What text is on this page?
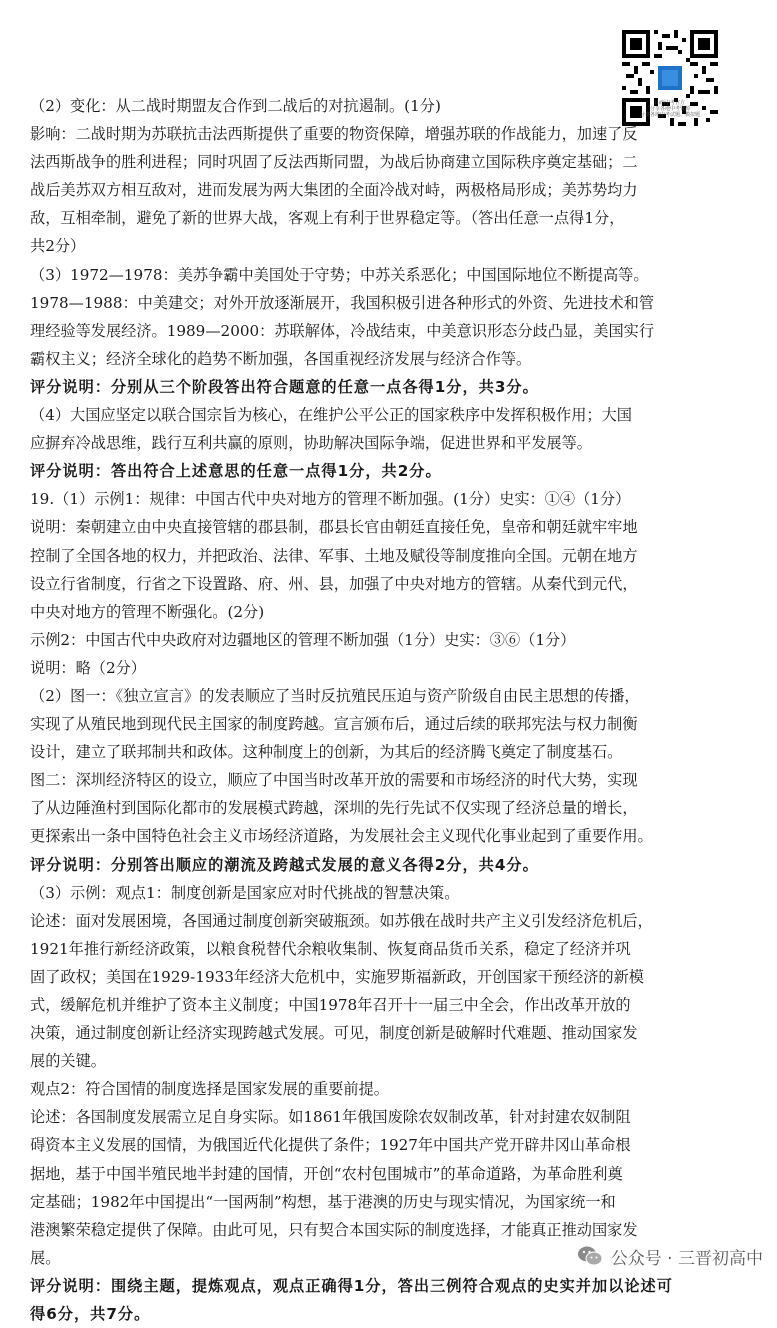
山西中考官方
分享各地中考资源
分享各地中考试题、模拟题
（2）变化：从二战时期盟友合作到二战后的对抗遏制。(1分)
影响：二战时期为苏联抗击法西斯提供了重要的物资保障，增强苏联的作战能力，加速了反
法西斯战争的胜利进程；同时巩固了反法西斯同盟，为战后协商建立国际秩序奠定基础；二
战后美苏双方相互敌对，进而发展为两大集团的全面冷战对峙，两极格局形成；美苏势均力
敌，互相牵制，避免了新的世界大战，客观上有利于世界稳定等。（答出任意一点得1分，
共2分）
（3）1972—1978：美苏争霸中美国处于守势；中苏关系恶化；中国国际地位不断提高等。
1978—1988：中美建交；对外开放逐渐展开，我国积极引进各种形式的外资、先进技术和管
理经验等发展经济。1989—2000：苏联解体，冷战结束，中美意识形态分歧凸显，美国实行
霸权主义；经济全球化的趋势不断加强，各国重视经济发展与经济合作等。
评分说明：分别从三个阶段答出符合题意的任意一点各得1分，共3分。
（4）大国应坚定以联合国宗旨为核心，在维护公平公正的国家秩序中发挥积极作用；大国
应摒弃冷战思维，践行互利共赢的原则，协助解决国际争端，促进世界和平发展等。
评分说明：答出符合上述意思的任意一点得1分，共2分。
19.（1）示例1：规律：中国古代中央对地方的管理不断加强。(1分）史实：①④（1分）
说明：秦朝建立由中央直接管辖的郡县制，郡县长官由朝廷直接任免，皇帝和朝廷就牢牢地
控制了全国各地的权力，并把政治、法律、军事、土地及赋役等制度推向全国。元朝在地方
设立行省制度，行省之下设置路、府、州、县，加强了中央对地方的管辖。从秦代到元代，
中央对地方的管理不断强化。(2分)
示例2：中国古代中央政府对边疆地区的管理不断加强（1分）史实：③⑥（1分）
说明：略（2分）
（2）图一：《独立宣言》的发表顺应了当时反抗殖民压迫与资产阶级自由民主思想的传播，
实现了从殖民地到现代民主国家的制度跨越。宣言颁布后，通过后续的联邦宪法与权力制衡
设计，建立了联邦制共和政体。这种制度上的创新，为其后的经济腾飞奠定了制度基石。
图二：深圳经济特区的设立，顺应了中国当时改革开放的需要和市场经济的时代大势，实现
了从边陲渔村到国际化都市的发展模式跨越，深圳的先行先试不仅实现了经济总量的增长，
更探索出一条中国特色社会主义市场经济道路，为发展社会主义现代化事业起到了重要作用。
评分说明：分别答出顺应的潮流及跨越式发展的意义各得2分，共4分。
（3）示例：观点1：制度创新是国家应对时代挑战的智慧决策。
论述：面对发展困境，各国通过制度创新突破瓶颈。如苏俄在战时共产主义引发经济危机后，
1921年推行新经济政策，以粮食税替代余粮收集制、恢复商品货币关系，稳定了经济并巩
固了政权；美国在1929-1933年经济大危机中，实施罗斯福新政，开创国家干预经济的新模
式，缓解危机并维护了资本主义制度；中国1978年召开十一届三中全会，作出改革开放的
决策，通过制度创新让经济实现跨越式发展。可见，制度创新是破解时代难题、推动国家发
展的关键。
观点2：符合国情的制度选择是国家发展的重要前提。
论述：各国制度发展需立足自身实际。如1861年俄国废除农奴制改革，针对封建农奴制阻
碍资本主义发展的国情，为俄国近代化提供了条件；1927年中国共产党开辟井冈山革命根
据地，基于中国半殖民地半封建的国情，开创“农村包围城市”的革命道路，为革命胜利奠
定基础；1982年中国提出“一国两制”构想，基于港澳的历史与现实情况，为国家统一和
港澳繁荣稳定提供了保障。由此可见，只有契合本国实际的制度选择，才能真正推动国家发
展。
评分说明：围绕主题，提炼观点，观点正确得1分，答出三例符合观点的史实并加以论述可
得6分，共7分。
公众号 · 三晋初高中
